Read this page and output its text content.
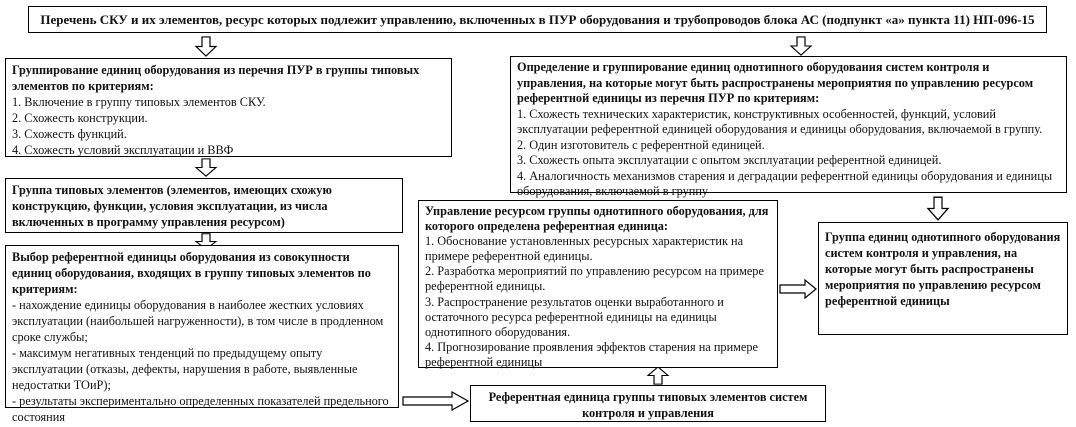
Перечень СКУ и их элементов, ресурс которых подлежит управлению, включенных в ПУР оборудования и трубопроводов блока АС (подпункт «а» пункта 11) НП-096-15
Группирование единиц оборудования из перечня ПУР в группы типовых элементов по критериям:
1. Включение в группу типовых элементов СКУ.
2. Схожесть конструкции.
3. Схожесть функций.
4. Схожесть условий эксплуатации и ВВФ
Группа типовых элементов (элементов, имеющих схожую конструкцию, функции, условия эксплуатации, из числа включенных в программу управления ресурсом)
Выбор референтной единицы оборудования из совокупности единиц оборудования, входящих в группу типовых элементов по критериям:
- нахождение единицы оборудования в наиболее жестких условиях эксплуатации (наибольшей нагруженности), в том числе в продленном сроке службы;
- максимум негативных тенденций по предыдущему опыту эксплуатации (отказы, дефекты, нарушения в работе, выявленные недостатки ТОиР);
- результаты экспериментально определенных показателей предельного состояния
Референтная единица группы типовых элементов систем контроля и управления
Управление ресурсом группы однотипного оборудования, для которого определена референтная единица:
1. Обоснование установленных ресурсных характеристик на примере референтной единицы.
2. Разработка мероприятий по управлению ресурсом на примере референтной единицы.
3. Распространение результатов оценки выработанного и остаточного ресурса референтной единицы на единицы однотипного оборудования.
4. Прогнозирование проявления эффектов старения на примере референтной единицы
Определение и группирование единиц однотипного оборудования систем контроля и управления, на которые могут быть распространены мероприятия по управлению ресурсом референтной единицы из перечня ПУР по критериям:
1. Схожесть технических характеристик, конструктивных особенностей, функций, условий эксплуатации референтной единицей оборудования и единицы оборудования, включаемой в группу.
2. Один изготовитель с референтной единицей.
3. Схожесть опыта эксплуатации с опытом эксплуатации референтной единицей.
4. Аналогичность механизмов старения и деградации референтной единицы оборудования и единицы оборудования, включаемой в группу
Группа единиц однотипного оборудования систем контроля и управления, на которые могут быть распространены мероприятия по управлению ресурсом референтной единицы
